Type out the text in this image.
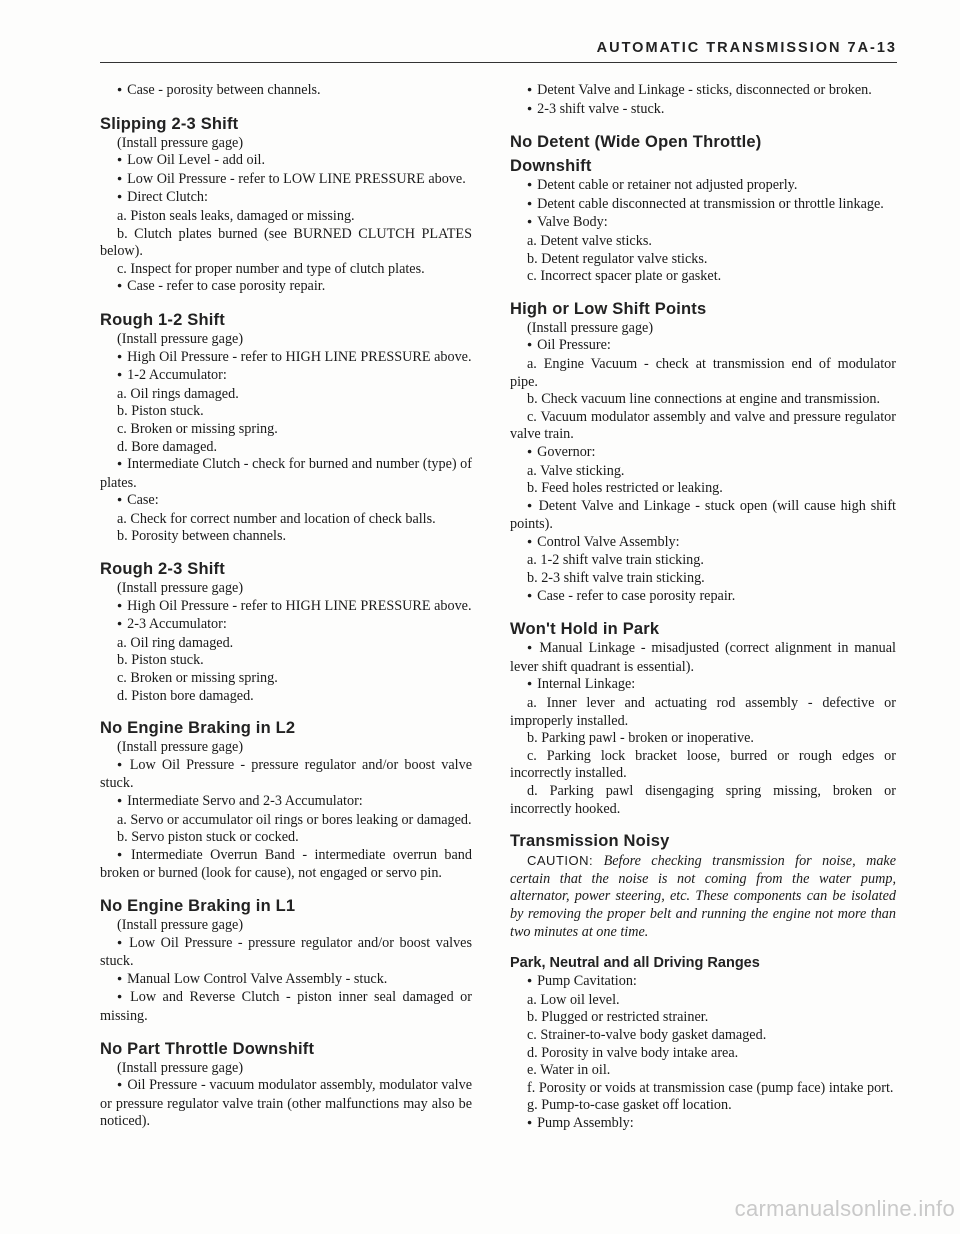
AUTOMATIC TRANSMISSION 7A-13

● Case - porosity between channels.

Slipping 2-3 Shift

(Install pressure gage)

● Low Oil Level - add oil.

● Low Oil Pressure - refer to LOW LINE PRESSURE above.

● Direct Clutch:

a. Piston seals leaks, damaged or missing.

b. Clutch plates burned (see BURNED CLUTCH PLATES below).

c. Inspect for proper number and type of clutch plates.

● Case - refer to case porosity repair.

Rough 1-2 Shift

(Install pressure gage)

● High Oil Pressure - refer to HIGH LINE PRESSURE above.

● 1-2 Accumulator:

a. Oil rings damaged.

b. Piston stuck.

c. Broken or missing spring.

d. Bore damaged.

● Intermediate Clutch - check for burned and number (type) of plates.

● Case:

a. Check for correct number and location of check balls.

b. Porosity between channels.

Rough 2-3 Shift

(Install pressure gage)

● High Oil Pressure - refer to HIGH LINE PRESSURE above.

● 2-3 Accumulator:

a. Oil ring damaged.

b. Piston stuck.

c. Broken or missing spring.

d. Piston bore damaged.

No Engine Braking in L2

(Install pressure gage)

● Low Oil Pressure - pressure regulator and/or boost valve stuck.

● Intermediate Servo and 2-3 Accumulator:

a. Servo or accumulator oil rings or bores leaking or damaged.

b. Servo piston stuck or cocked.

● Intermediate Overrun Band - intermediate overrun band broken or burned (look for cause), not engaged or servo pin.

No Engine Braking in L1

(Install pressure gage)

● Low Oil Pressure - pressure regulator and/or boost valves stuck.

● Manual Low Control Valve Assembly - stuck.

● Low and Reverse Clutch - piston inner seal damaged or missing.

No Part Throttle Downshift

(Install pressure gage)

● Oil Pressure - vacuum modulator assembly, modulator valve or pressure regulator valve train (other malfunctions may also be noticed).

● Detent Valve and Linkage - sticks, disconnected or broken.

● 2-3 shift valve - stuck.

No Detent (Wide Open Throttle)
Downshift

● Detent cable or retainer not adjusted properly.

● Detent cable disconnected at transmission or throttle linkage.

● Valve Body:

a. Detent valve sticks.

b. Detent regulator valve sticks.

c. Incorrect spacer plate or gasket.

High or Low Shift Points

(Install pressure gage)

● Oil Pressure:

a. Engine Vacuum - check at transmission end of modulator pipe.

b. Check vacuum line connections at engine and transmission.

c. Vacuum modulator assembly and valve and pressure regulator valve train.

● Governor:

a. Valve sticking.

b. Feed holes restricted or leaking.

● Detent Valve and Linkage - stuck open (will cause high shift points).

● Control Valve Assembly:

a. 1-2 shift valve train sticking.

b. 2-3 shift valve train sticking.

● Case - refer to case porosity repair.

Won't Hold in Park

● Manual Linkage - misadjusted (correct alignment in manual lever shift quadrant is essential).

● Internal Linkage:

a. Inner lever and actuating rod assembly - defective or improperly installed.

b. Parking pawl - broken or inoperative.

c. Parking lock bracket loose, burred or rough edges or incorrectly installed.

d. Parking pawl disengaging spring missing, broken or incorrectly hooked.

Transmission Noisy

CAUTION: Before checking transmission for noise, make certain that the noise is not coming from the water pump, alternator, power steering, etc. These components can be isolated by removing the proper belt and running the engine not more than two minutes at one time.

Park, Neutral and all Driving Ranges

● Pump Cavitation:

a. Low oil level.

b. Plugged or restricted strainer.

c. Strainer-to-valve body gasket damaged.

d. Porosity in valve body intake area.

e. Water in oil.

f. Porosity or voids at transmission case (pump face) intake port.

g. Pump-to-case gasket off location.

● Pump Assembly:

carmanualsonline.info
